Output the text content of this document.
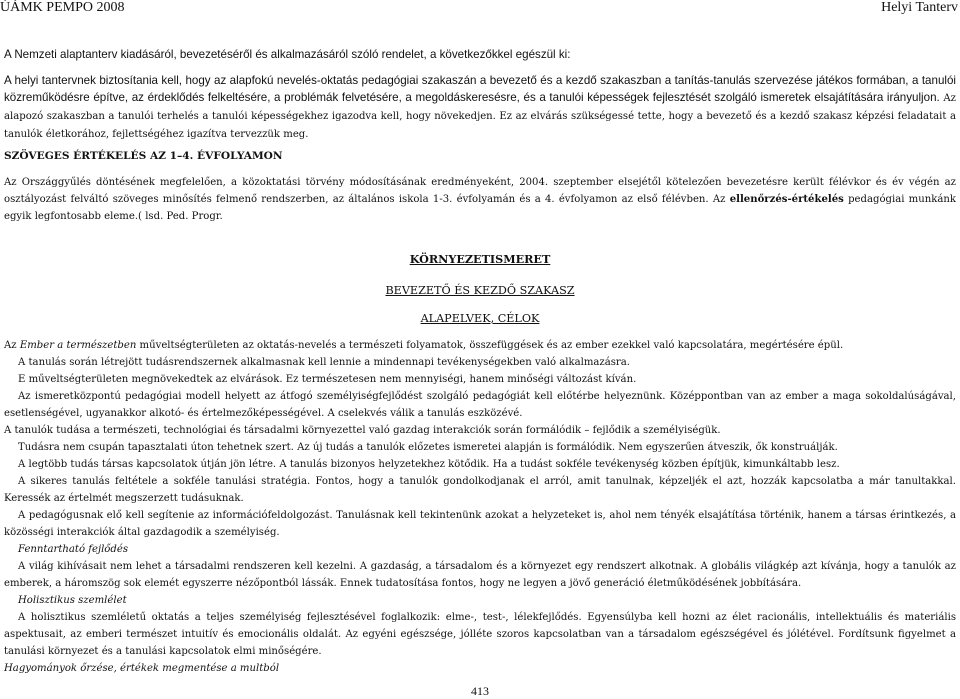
ÚÁMK PEMPO 2008	Helyi Tanterv

A Nemzeti alaptanterv kiadásáról, bevezetéséről és alkalmazásáról szóló rendelet, a következőkkel egészül ki:

A helyi tantervnek biztosítania kell, hogy az alapfokú nevelés-oktatás pedagógiai szakaszán a bevezető és a kezdő szakaszban a tanítás-tanulás szervezése játékos formában, a tanulói közreműködésre építve, az érdeklődés felkeltésére, a problémák felvetésére, a megoldáskeresésre, és a tanulói képességek fejlesztését szolgáló ismeretek elsajátítására irányuljon. Az alapozó szakaszban a tanulói terhelés a tanulói képességekhez igazodva kell, hogy növekedjen. Ez az elvárás szükségessé tette, hogy a bevezető és a kezdő szakasz képzési feladatait a tanulók életkorához, fejlettségéhez igazítva tervezzük meg.

SZÖVEGES ÉRTÉKELÉS AZ 1–4. ÉVFOLYAMON

Az Országgyűlés döntésének megfelelően, a közoktatási törvény módosításának eredményeként, 2004. szeptember elsejétől kötelezően bevezetésre került félévkor és év végén az osztályozást felváltó szöveges minősítés felmenő rendszerben, az általános iskola 1-3. évfolyamán és a 4. évfolyamon az első félévben. Az ellenőrzés-értékelés pedagógiai munkánk egyik legfontosabb eleme.( lsd. Ped. Progr.

KÖRNYEZETISMERET

BEVEZETŐ ÉS KEZDŐ SZAKASZ

ALAPELVEK, CÉLOK

Az Ember a természetben műveltségterületen az oktatás-nevelés a természeti folyamatok, összefüggések és az ember ezekkel való kapcsolatára, megértésére épül.

A tanulás során létrejött tudásrendszernek alkalmasnak kell lennie a mindennapi tevékenységekben való alkalmazásra.

E műveltségterületen megnövekedtek az elvárások. Ez természetesen nem mennyiségi, hanem minőségi változást kíván.

Az ismeretközpontú pedagógiai modell helyett az átfogó személyiségfejlődést szolgáló pedagógiát kell előtérbe helyeznünk. Középpontban van az ember a maga sokoldalúságával, esetlenségével, ugyanakkor alkotó- és értelmezőképességével. A cselekvés válik a tanulás eszközévé.

A tanulók tudása a természeti, technológiai és társadalmi környezettel való gazdag interakciók során formálódik – fejlődik a személyiségük.

Tudásra nem csupán tapasztalati úton tehetnek szert. Az új tudás a tanulók előzetes ismeretei alapján is formálódik. Nem egyszerűen átveszik, ők konstruálják.

A legtöbb tudás társas kapcsolatok útján jön létre. A tanulás bizonyos helyzetekhez kötődik. Ha a tudást sokféle tevékenység közben építjük, kimunkáltabb lesz.

A sikeres tanulás feltétele a sokféle tanulási stratégia. Fontos, hogy a tanulók gondolkodjanak el arról, amit tanulnak, képzeljék el azt, hozzák kapcsolatba a már tanultakkal. Keressék az értelmét megszerzett tudásuknak.

A pedagógusnak elő kell segítenie az információfeldolgozást. Tanulásnak kell tekintenünk azokat a helyzeteket is, ahol nem tényék elsajátítása történik, hanem a társas érintkezés, a közösségi interakciók által gazdagodik a személyiség.

Fenntartható fejlődés

A világ kihívásait nem lehet a társadalmi rendszeren kell kezelni. A gazdaság, a társadalom és a környezet egy rendszert alkotnak. A globális világkép azt kívánja, hogy a tanulók az emberek, a háromszög sok elemét egyszerre nézőpontból lássák. Ennek tudatosítása fontos, hogy ne legyen a jövő generáció életműködésének jobbítására.

Holisztikus szemlélet

A holisztikus szemléletű oktatás a teljes személyiség fejlesztésével foglalkozik: elme-, test-, lélekfejlődés. Egyensúlyba kell hozni az élet racionális, intellektuális és materiális aspektusait, az emberi természet intuitív és emocionális oldalát. Az egyéni egészsége, jólléte szoros kapcsolatban van a társadalom egészségével és jólétével. Fordítsunk figyelmet a tanulási környezet és a tanulási kapcsolatok elmi minőségére.

Hagyományok őrzése, értékek megmentése a multból

413
